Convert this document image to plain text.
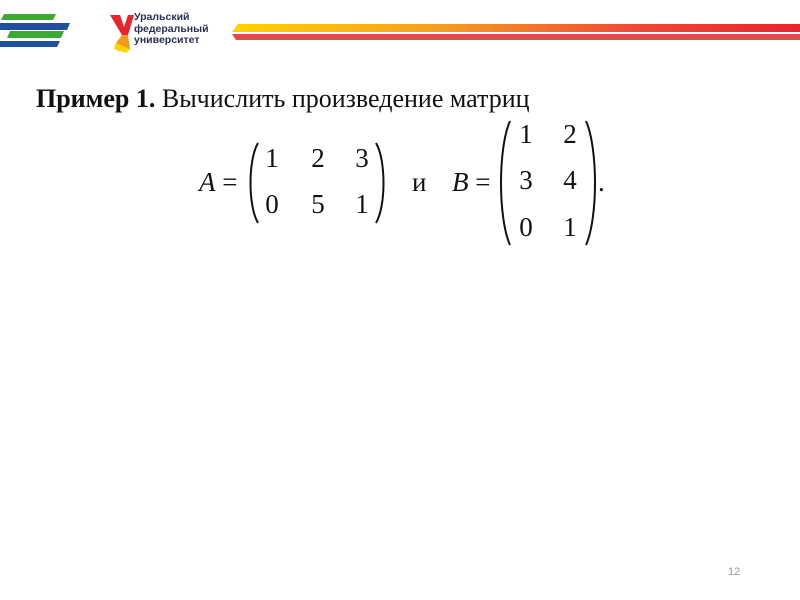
Уральский
федеральный
университет
Пример 1. Вычислить произведение матриц
A =
1	2	3
0	5	1
и B =
1	2
3	4
0	1
.
12
